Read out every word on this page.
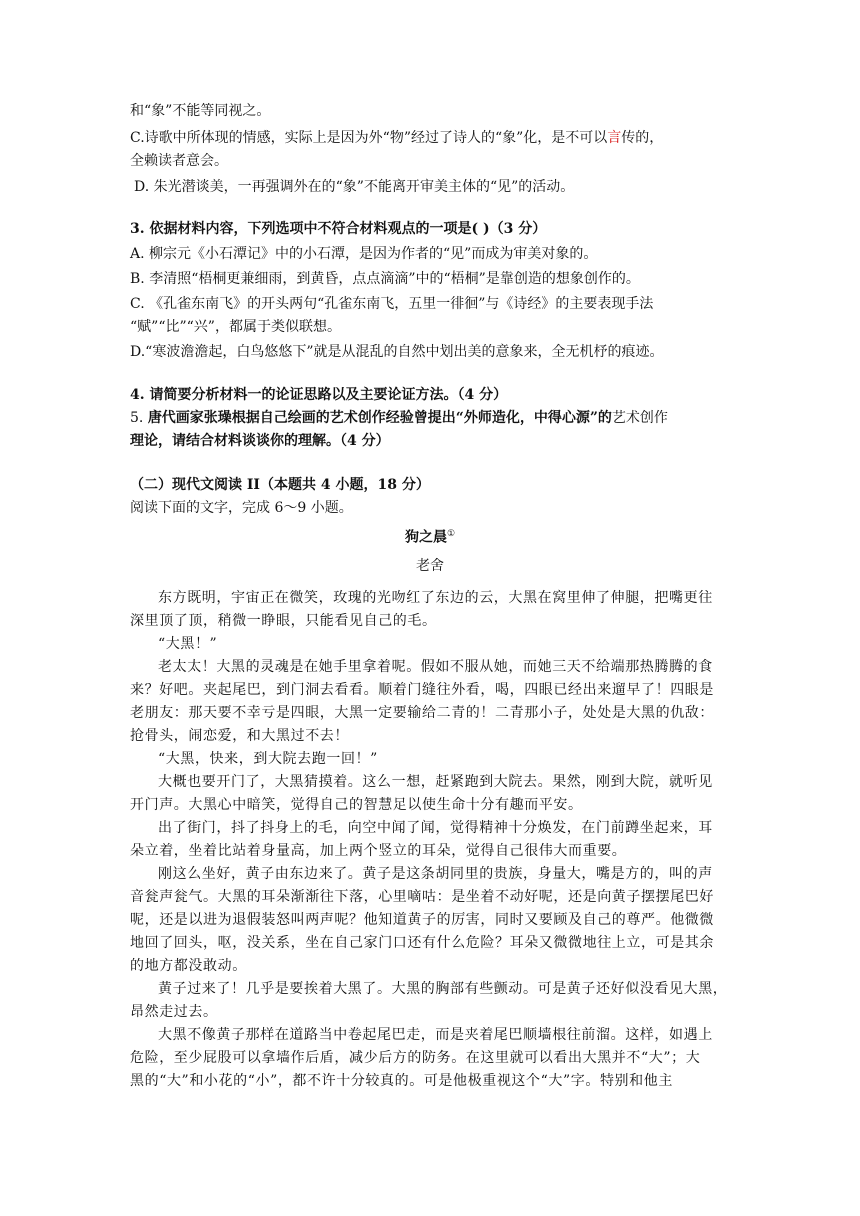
和“象”不能等同视之。
C.诗歌中所体现的情感，实际上是因为外“物”经过了诗人的“象”化，是不可以言传的，
全赖读者意会。
D. 朱光潜谈美，一再强调外在的“象”不能离开审美主体的“见”的活动。
3. 依据材料内容，下列选项中不符合材料观点的一项是( )（3 分）
A. 柳宗元《小石潭记》中的小石潭，是因为作者的“见”而成为审美对象的。
B. 李清照“梧桐更兼细雨，到黄昏，点点滴滴”中的“梧桐”是靠创造的想象创作的。
C. 《孔雀东南飞》的开头两句“孔雀东南飞，五里一徘徊”与《诗经》的主要表现手法
“赋”“比”“兴”，都属于类似联想。
D.“寒波澹澹起，白鸟悠悠下”就是从混乱的自然中划出美的意象来，全无机杼的痕迹。
4. 请简要分析材料一的论证思路以及主要论证方法。（4 分）
5. 唐代画家张璪根据自己绘画的艺术创作经验曾提出“外师造化，中得心源”的艺术创作
理论，请结合材料谈谈你的理解。（4 分）
（二）现代文阅读 II（本题共 4 小题，18 分）
阅读下面的文字，完成 6～9 小题。
狗之晨①
老舍
东方既明，宇宙正在微笑，玫瑰的光吻红了东边的云，大黑在窝里伸了伸腿，把嘴更往
深里顶了顶，稍微一睁眼，只能看见自己的毛。
“大黑！”
老太太！大黑的灵魂是在她手里拿着呢。假如不服从她，而她三天不给端那热腾腾的食
来？好吧。夹起尾巴，到门洞去看看。顺着门缝往外看，喝，四眼已经出来遛早了！四眼是
老朋友：那天要不幸亏是四眼，大黑一定要输给二青的！二青那小子，处处是大黑的仇敌：
抢骨头，闹恋爱，和大黑过不去！
“大黑，快来，到大院去跑一回！”
大概也要开门了，大黑猜摸着。这么一想，赶紧跑到大院去。果然，刚到大院，就听见
开门声。大黑心中暗笑，觉得自己的智慧足以使生命十分有趣而平安。
出了街门，抖了抖身上的毛，向空中闻了闻，觉得精神十分焕发，在门前蹲坐起来，耳
朵立着，坐着比站着身量高，加上两个竖立的耳朵，觉得自己很伟大而重要。
刚这么坐好，黄子由东边来了。黄子是这条胡同里的贵族，身量大，嘴是方的，叫的声
音瓮声瓮气。大黑的耳朵渐渐往下落，心里嘀咕：是坐着不动好呢，还是向黄子摆摆尾巴好
呢，还是以进为退假装怒叫两声呢？他知道黄子的厉害，同时又要顾及自己的尊严。他微微
地回了回头，呕，没关系，坐在自己家门口还有什么危险？耳朵又微微地往上立，可是其余
的地方都没敢动。
黄子过来了！几乎是要挨着大黑了。大黑的胸部有些颤动。可是黄子还好似没看见大黑，
昂然走过去。
大黑不像黄子那样在道路当中卷起尾巴走，而是夹着尾巴顺墙根往前溜。这样，如遇上
危险，至少屁股可以拿墙作后盾，减少后方的防务。在这里就可以看出大黑并不“大”；大
黑的“大”和小花的“小”，都不许十分较真的。可是他极重视这个“大”字。特别和他主
